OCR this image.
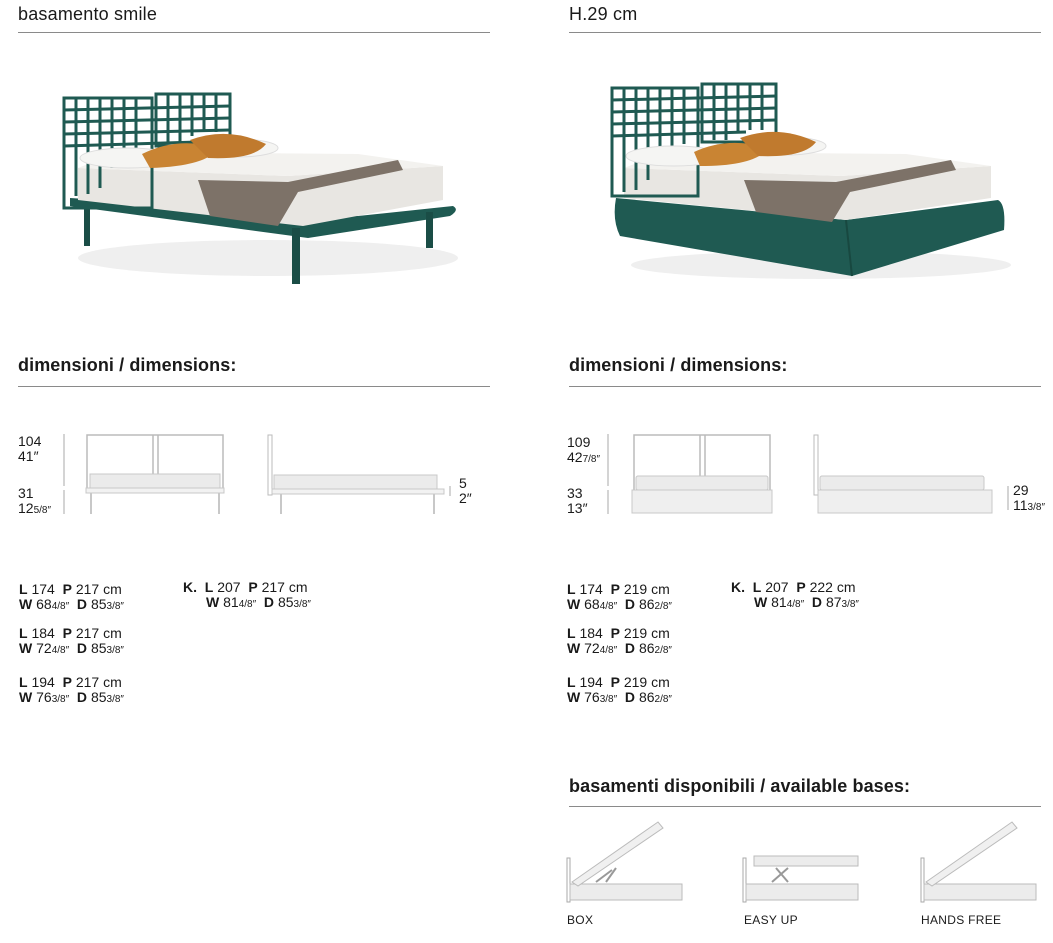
basamento smile
dimensioni / dimensions:
104
41″
31
125/8″
5
2″
L 174 P 217 cm
W 684/8″ D 853/8″
L 184 P 217 cm
W 724/8″ D 853/8″
L 194 P 217 cm
W 763/8″ D 853/8″
K. L 207 P 217 cm
W 814/8″ D 853/8″
H.29 cm
dimensioni / dimensions:
109
427/8″
33
13″
29
113/8″
L 174 P 219 cm
W 684/8″ D 862/8″
L 184 P 219 cm
W 724/8″ D 862/8″
L 194 P 219 cm
W 763/8″ D 862/8″
K. L 207 P 222 cm
W 814/8″ D 873/8″
basamenti disponibili / available bases:
BOX	EASY UP	HANDS FREE
